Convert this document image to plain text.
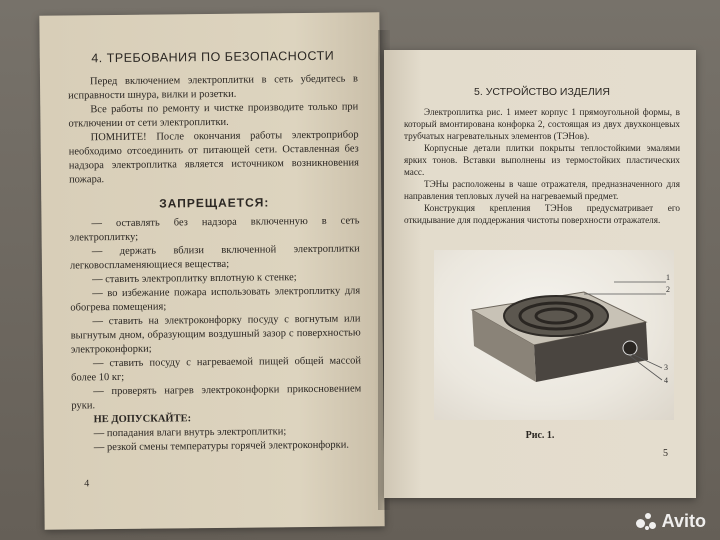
4. ТРЕБОВАНИЯ ПО БЕЗОПАСНОСТИ

Перед включением электроплитки в сеть убедитесь в исправности шнура, вилки и розетки.

Все работы по ремонту и чистке производите только при отключении от сети электроплитки.

ПОМНИТЕ! После окончания работы электроприбор необходимо отсоединить от питающей сети. Оставленная без надзора электроплитка является источником возникновения пожара.

ЗАПРЕЩАЕТСЯ:

— оставлять без надзора включенную в сеть электроплитку;

— держать вблизи включенной электроплитки легковоспламеняющиеся вещества;

— ставить электроплитку вплотную к стенке;

— во избежание пожара использовать электроплитку для обогрева помещения;

— ставить на электроконфорку посуду с вогнутым или выгнутым дном, образующим воздушный зазор с поверхностью электроконфорки;

— ставить посуду с нагреваемой пищей общей массой более 10 кг;

— проверять нагрев электроконфорки прикосновением руки.

НЕ ДОПУСКАЙТЕ:

— попадания влаги внутрь электроплитки;

— резкой смены температуры горячей электроконфорки.

4
5. УСТРОЙСТВО ИЗДЕЛИЯ

Электроплитка рис. 1 имеет корпус 1 прямоугольной формы, в который вмонтирована конфорка 2, состоящая из двух двухконцевых трубчатых нагревательных элементов (ТЭНов).

Корпусные детали плитки покрыты теплостойкими эмалями ярких тонов. Вставки выполнены из термостойких пластических масс.

ТЭНы расположены в чаше отражателя, предназначенного для направления тепловых лучей на нагреваемый предмет.

Конструкция крепления ТЭНов предусматривает его откидывание для поддержания чистоты поверхности отражателя.

1
2
3
4
Рис. 1.
5
Avito
